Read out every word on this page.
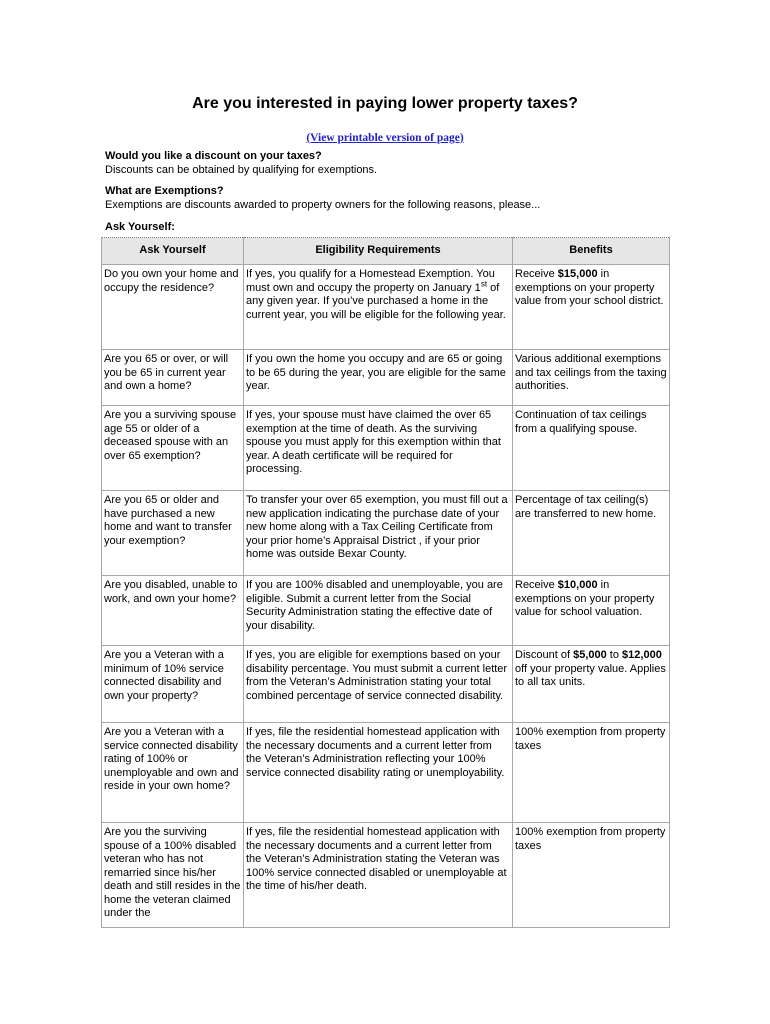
Are you interested in paying lower property taxes?
(View printable version of page)
Would you like a discount on your taxes?
Discounts can be obtained by qualifying for exemptions.
What are Exemptions?
Exemptions are discounts awarded to property owners for the following reasons, please...
Ask Yourself:
Ask Yourself	Eligibility Requirements	Benefits
Do you own your home and occupy the residence?	If yes, you qualify for a Homestead Exemption. You must own and occupy the property on January 1st of any given year. If you’ve purchased a home in the current year, you will be eligible for the following year.	Receive $15,000 in exemptions on your property value from your school district.
Are you 65 or over, or will you be 65 in current year and own a home?	If you own the home you occupy and are 65 or going to be 65 during the year, you are eligible for the same year.	Various additional exemptions and tax ceilings from the taxing authorities.
Are you a surviving spouse age 55 or older of a deceased spouse with an over 65 exemption?	If yes, your spouse must have claimed the over 65 exemption at the time of death. As the surviving spouse you must apply for this exemption within that year. A death certificate will be required for processing.	Continuation of tax ceilings from a qualifying spouse.
Are you 65 or older and have purchased a new home and want to transfer your exemption?	To transfer your over 65 exemption, you must fill out a new application indicating the purchase date of your new home along with a Tax Ceiling Certificate from your prior home’s Appraisal District , if your prior home was outside Bexar County.	Percentage of tax ceiling(s) are transferred to new home.
Are you disabled, unable to work, and own your home?	If you are 100% disabled and unemployable, you are eligible. Submit a current letter from the Social Security Administration stating the effective date of your disability.	Receive $10,000 in exemptions on your property value for school valuation.
Are you a Veteran with a minimum of 10% service connected disability and own your property?	If yes, you are eligible for exemptions based on your disability percentage. You must submit a current letter from the Veteran’s Administration stating your total combined percentage of service connected disability.	Discount of $5,000 to $12,000 off your property value. Applies to all tax units.
Are you a Veteran with a service connected disability rating of 100% or unemployable and own and reside in your own home?	If yes, file the residential homestead application with the necessary documents and a current letter from the Veteran’s Administration reflecting your 100% service connected disability rating or unemployability.	100% exemption from property taxes
Are you the surviving spouse of a 100% disabled veteran who has not remarried since his/her death and still resides in the home the veteran claimed under the	If yes, file the residential homestead application with the necessary documents and a current letter from the Veteran’s Administration stating the Veteran was 100% service connected disabled or unemployable at the time of his/her death.	100% exemption from property taxes
